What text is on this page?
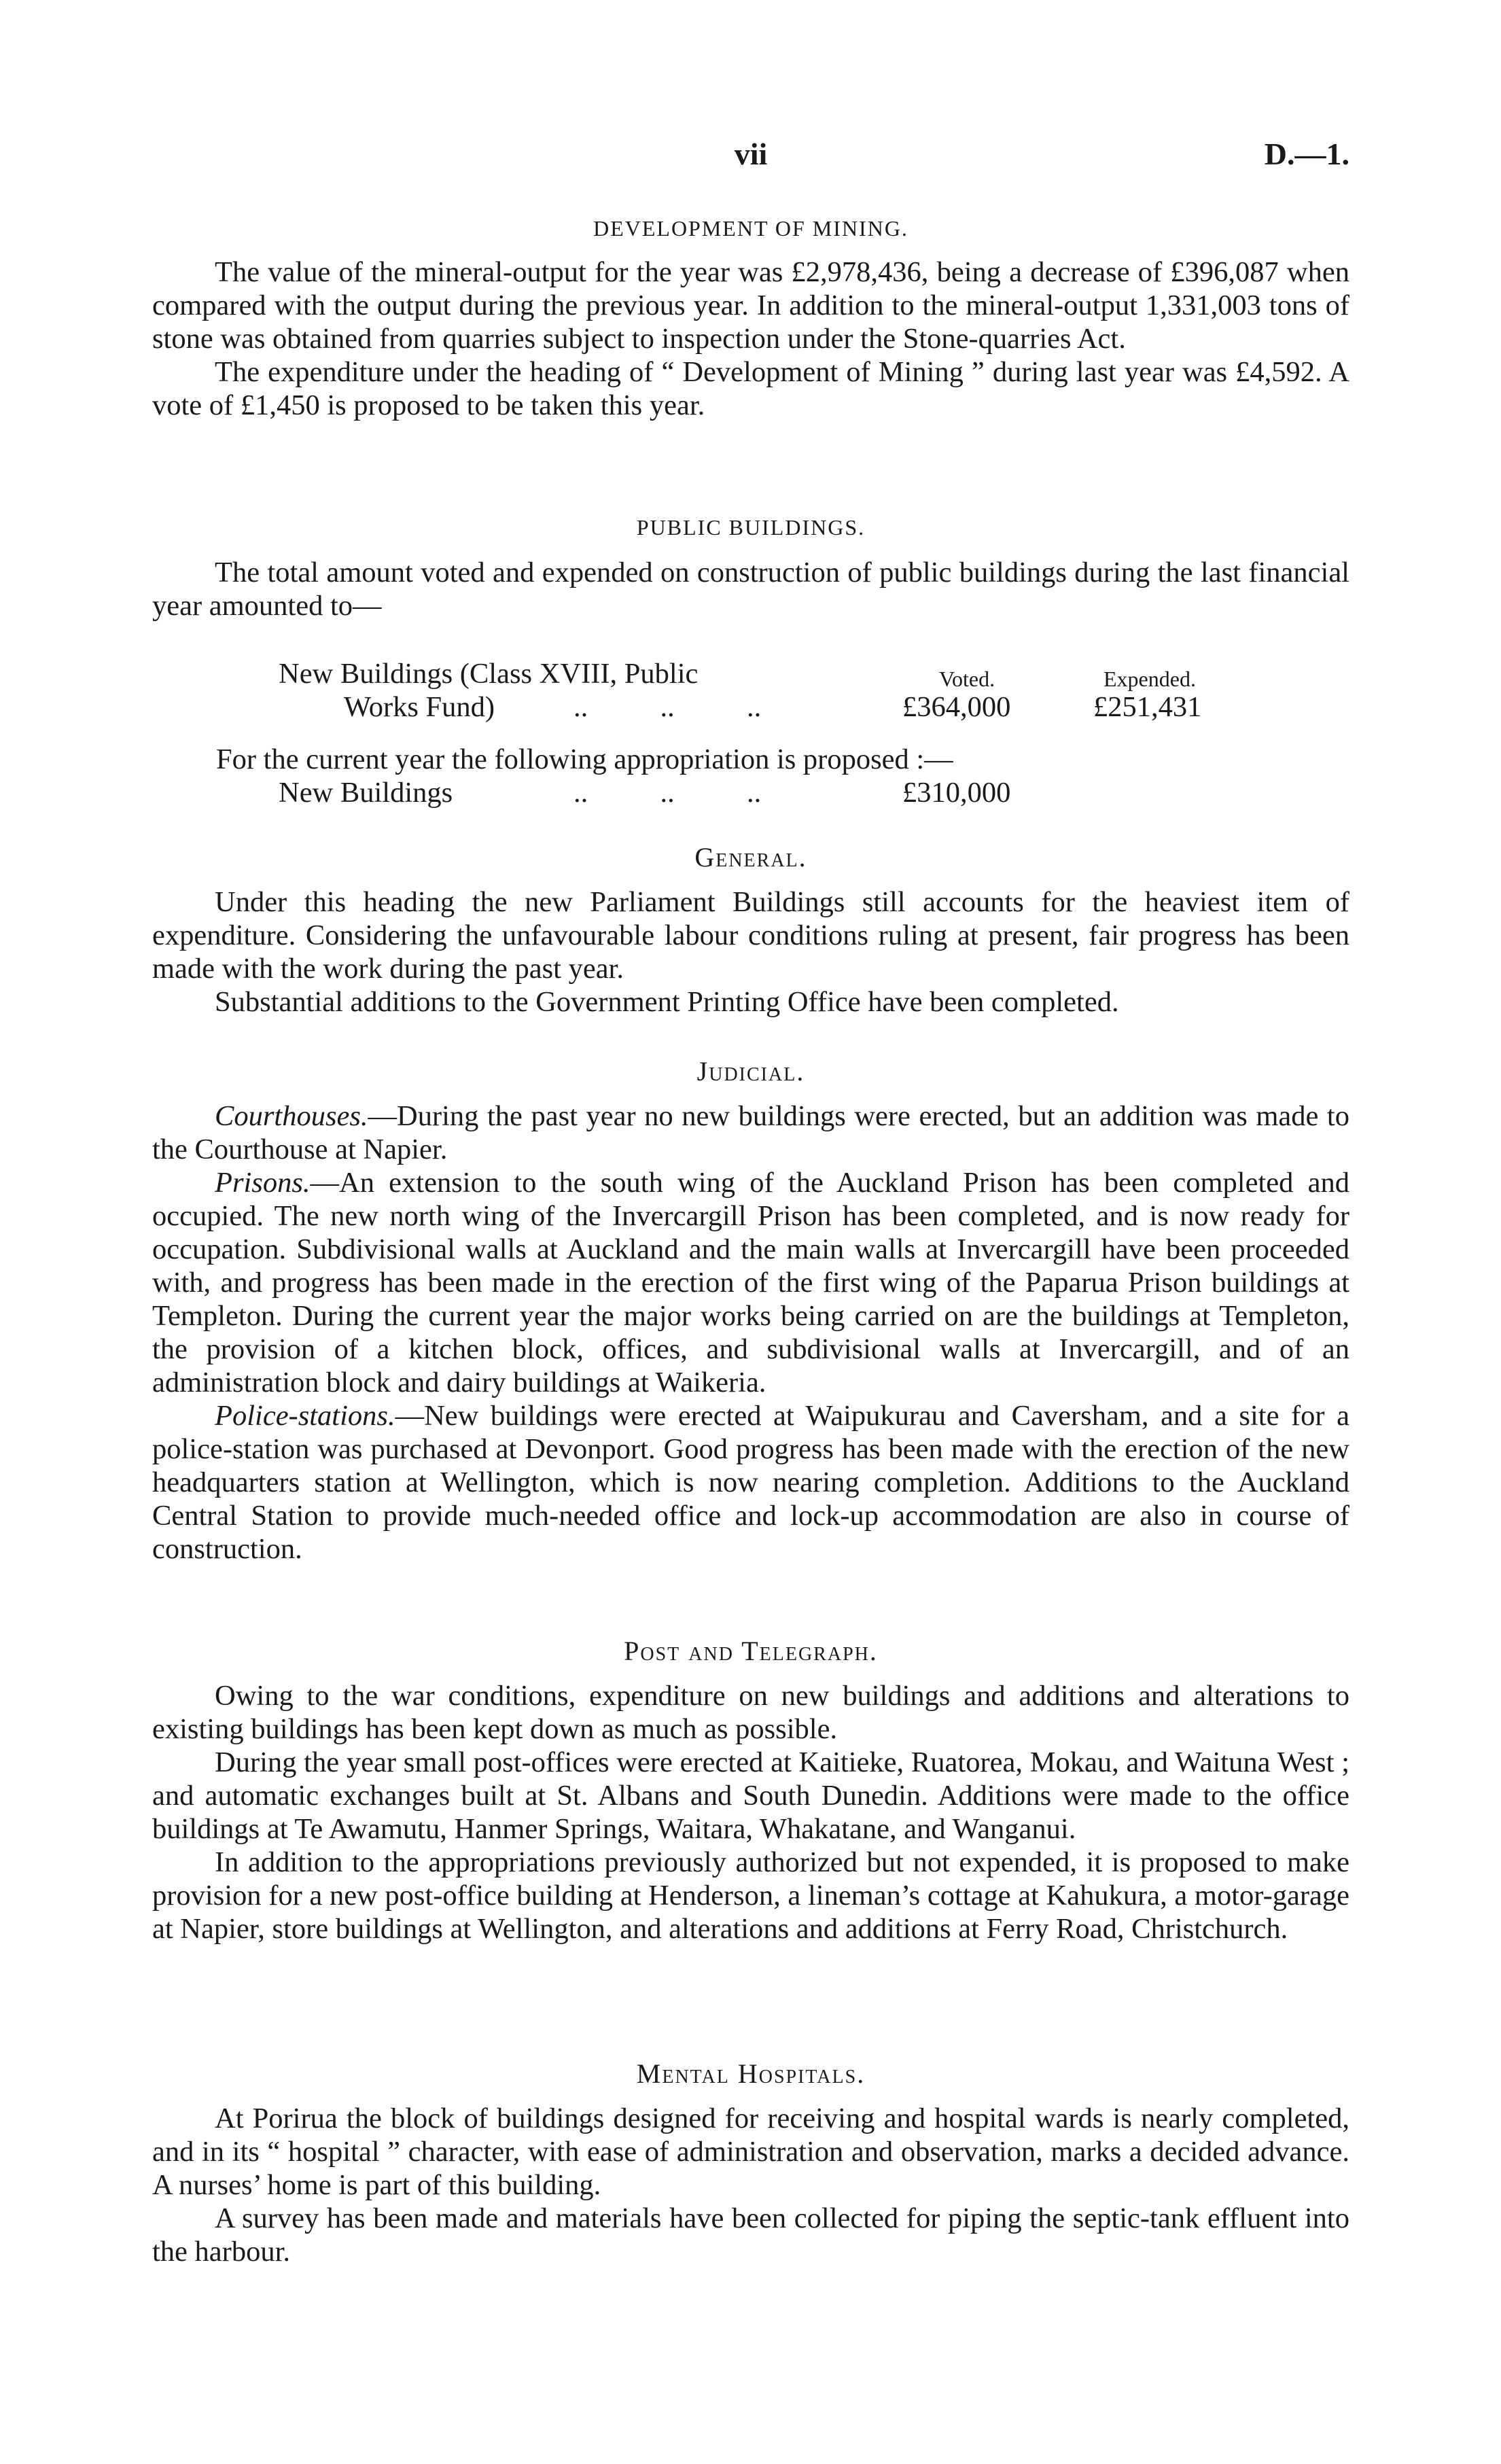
vii	D.—1.

DEVELOPMENT OF MINING.

The value of the mineral-output for the year was £2,978,436, being a decrease of £396,087 when compared with the output during the previous year. In addition to the mineral-output 1,331,003 tons of stone was obtained from quarries subject to inspection under the Stone-quarries Act.

The expenditure under the heading of “ Development of Mining ” during last year was £4,592. A vote of £1,450 is proposed to be taken this year.

PUBLIC BUILDINGS.

The total amount voted and expended on construction of public buildings during the last financial year amounted to—

New Buildings (Class XVIII, Public	Voted.	Expended.
Works Fund)	..          ..          ..	£364,000	£251,431
For the current year the following appropriation is proposed :—
New Buildings	..          ..          ..	£310,000

General.

Under this heading the new Parliament Buildings still accounts for the heaviest item of expenditure. Considering the unfavourable labour conditions ruling at present, fair progress has been made with the work during the past year.

Substantial additions to the Government Printing Office have been completed.

Judicial.

Courthouses.—During the past year no new buildings were erected, but an addition was made to the Courthouse at Napier.

Prisons.—An extension to the south wing of the Auckland Prison has been completed and occupied. The new north wing of the Invercargill Prison has been completed, and is now ready for occupation. Subdivisional walls at Auckland and the main walls at Invercargill have been proceeded with, and progress has been made in the erection of the first wing of the Paparua Prison buildings at Templeton. During the current year the major works being carried on are the buildings at Templeton, the provision of a kitchen block, offices, and subdivisional walls at Invercargill, and of an administration block and dairy buildings at Waikeria.

Police-stations.—New buildings were erected at Waipukurau and Caversham, and a site for a police-station was purchased at Devonport. Good progress has been made with the erection of the new headquarters station at Wellington, which is now nearing completion. Additions to the Auckland Central Station to provide much-needed office and lock-up accommodation are also in course of construction.

Post and Telegraph.

Owing to the war conditions, expenditure on new buildings and additions and alterations to existing buildings has been kept down as much as possible.

During the year small post-offices were erected at Kaitieke, Ruatorea, Mokau, and Waituna West ; and automatic exchanges built at St. Albans and South Dunedin. Additions were made to the office buildings at Te Awamutu, Hanmer Springs, Waitara, Whakatane, and Wanganui.

In addition to the appropriations previously authorized but not expended, it is proposed to make provision for a new post-office building at Henderson, a lineman’s cottage at Kahukura, a motor-garage at Napier, store buildings at Wellington, and alterations and additions at Ferry Road, Christchurch.

Mental Hospitals.

At Porirua the block of buildings designed for receiving and hospital wards is nearly completed, and in its “ hospital ” character, with ease of administration and observation, marks a decided advance. A nurses’ home is part of this building.

A survey has been made and materials have been collected for piping the septic-tank effluent into the harbour.
